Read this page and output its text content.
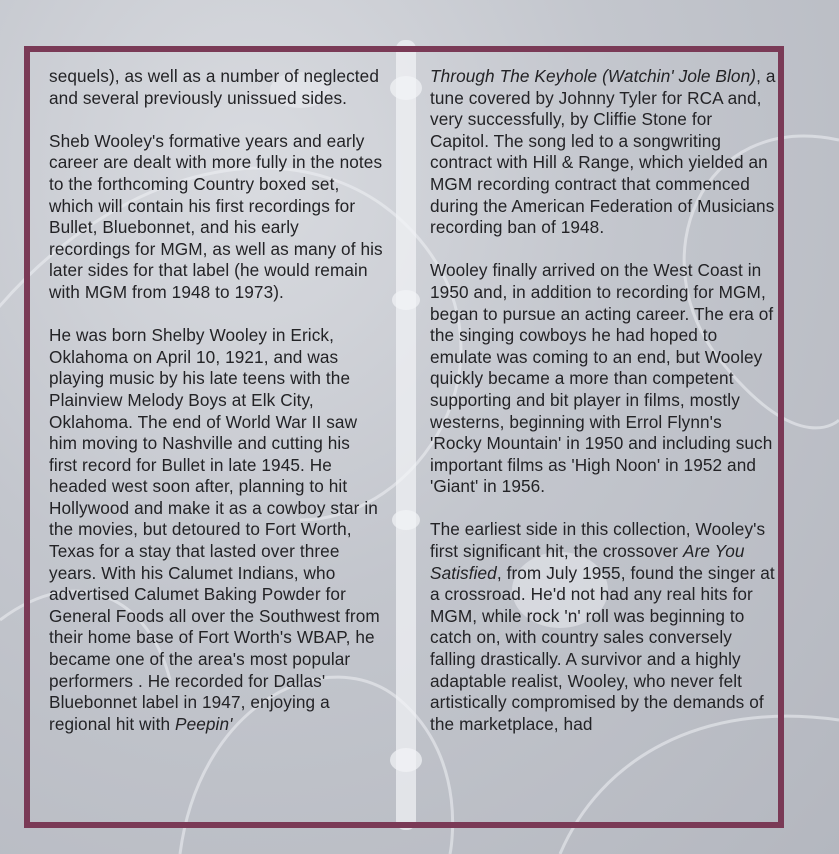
sequels), as well as a number of neglected and several previously unissued sides.

Sheb Wooley's formative years and early career are dealt with more fully in the notes to the forthcoming Country boxed set, which will contain his first recordings for Bullet, Bluebonnet, and his early recordings for MGM, as well as many of his later sides for that label (he would remain with MGM from 1948 to 1973).

He was born Shelby Wooley in Erick, Oklahoma on April 10, 1921, and was playing music by his late teens with the Plainview Melody Boys at Elk City, Oklahoma. The end of World War II saw him moving to Nashville and cutting his first record for Bullet in late 1945. He headed west soon after, planning to hit Hollywood and make it as a cowboy star in the movies, but detoured to Fort Worth, Texas for a stay that lasted over three years. With his Calumet Indians, who advertised Calumet Baking Powder for General Foods all over the Southwest from their home base of Fort Worth's WBAP, he became one of the area's most popular performers . He recorded for Dallas' Bluebonnet label in 1947, enjoying a regional hit with Peepin'

Through The Keyhole (Watchin' Jole Blon), a tune covered by Johnny Tyler for RCA and, very successfully, by Cliffie Stone for Capitol. The song led to a songwriting contract with Hill & Range, which yielded an MGM recording contract that commenced during the American Federation of Musicians recording ban of 1948.

Wooley finally arrived on the West Coast in 1950 and, in addition to recording for MGM, began to pursue an acting career. The era of the singing cowboys he had hoped to emulate was coming to an end, but Wooley quickly became a more than competent supporting and bit player in films, mostly westerns, beginning with Errol Flynn's 'Rocky Mountain' in 1950 and including such important films as 'High Noon' in 1952 and 'Giant' in 1956.

The earliest side in this collection, Wooley's first significant hit, the crossover Are You Satisfied, from July 1955, found the singer at a crossroad. He'd not had any real hits for MGM, while rock 'n' roll was beginning to catch on, with country sales conversely falling drastically. A survivor and a highly adaptable realist, Wooley, who never felt artistically compromised by the demands of the marketplace, had
